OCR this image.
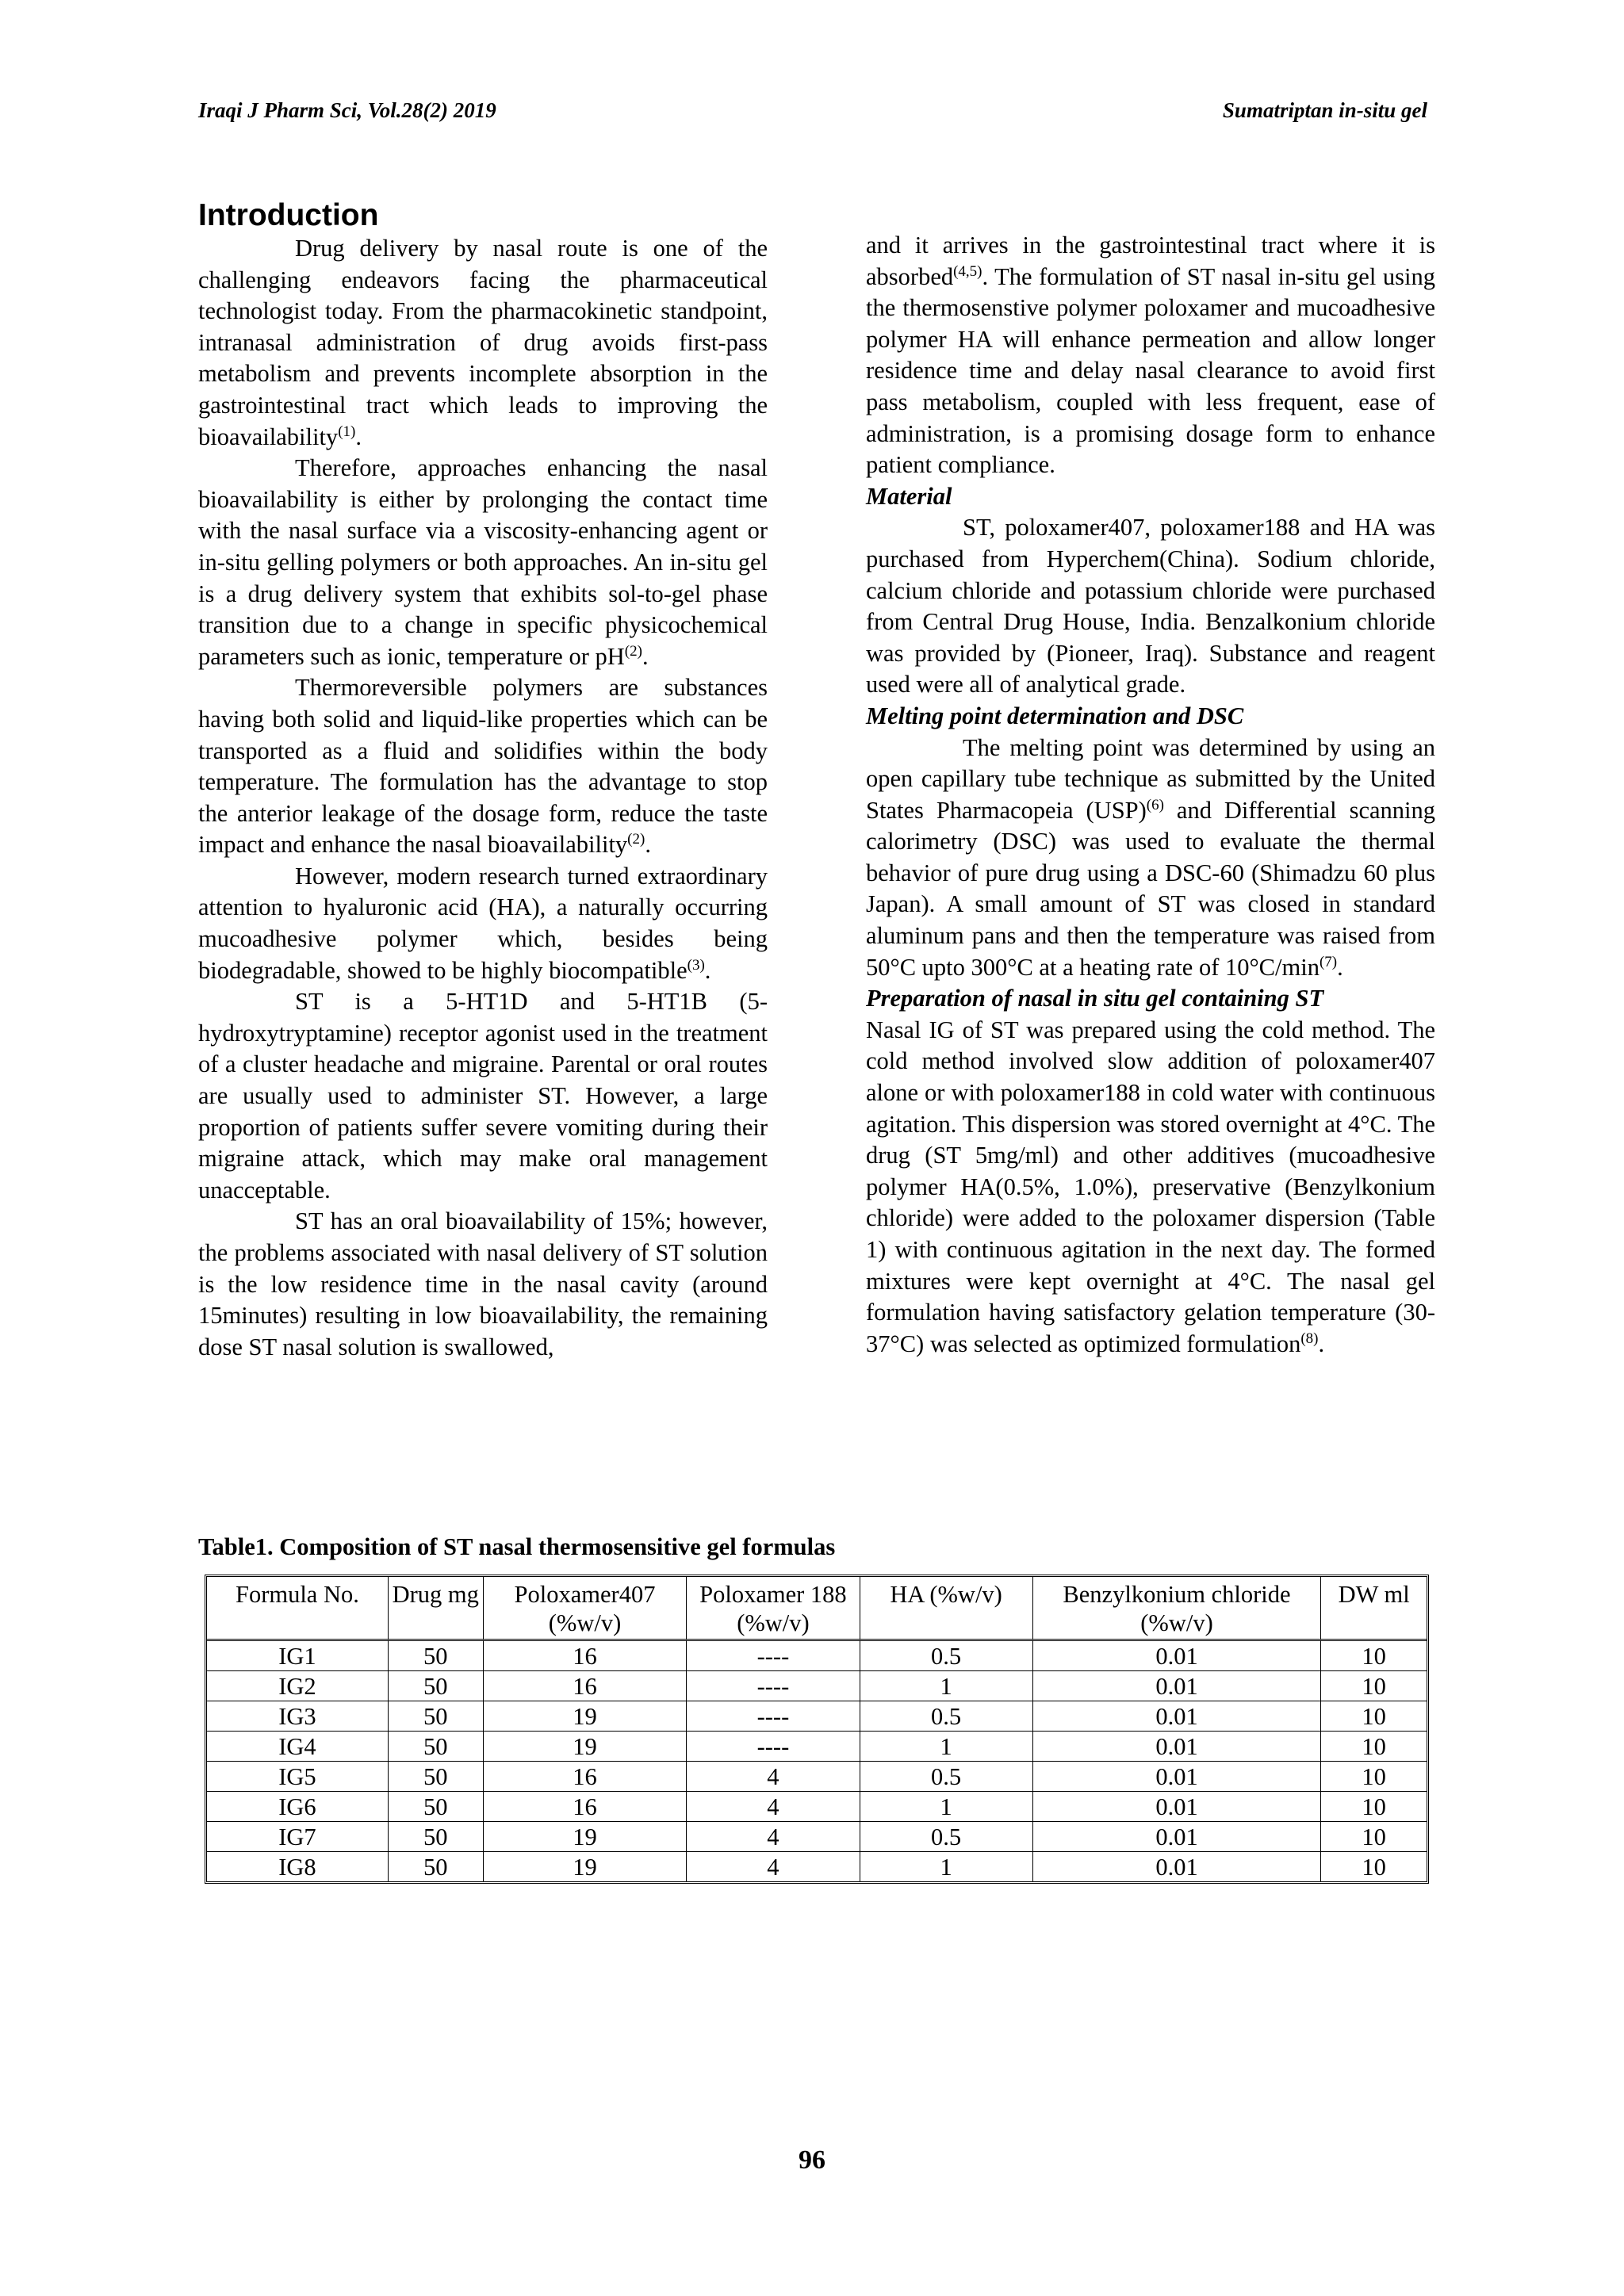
Iraqi J Pharm Sci, Vol.28(2) 2019	Sumatriptan in-situ gel
Introduction

Drug delivery by nasal route is one of the challenging endeavors facing the pharmaceutical technologist today. From the pharmacokinetic standpoint, intranasal administration of drug avoids first-pass metabolism and prevents incomplete absorption in the gastrointestinal tract which leads to improving the bioavailability$^{(1)}$.

Therefore, approaches enhancing the nasal bioavailability is either by prolonging the contact time with the nasal surface via a viscosity-enhancing agent or in-situ gelling polymers or both approaches. An in-situ gel is a drug delivery system that exhibits sol-to-gel phase transition due to a change in specific physicochemical parameters such as ionic, temperature or $pH^{(2)}$.

Thermoreversible polymers are substances having both solid and liquid-like properties which can be transported as a fluid and solidifies within the body temperature. The formulation has the advantage to stop the anterior leakage of the dosage form, reduce the taste impact and enhance the nasal bioavailability$^{(2)}$.

However, modern research turned extraordinary attention to hyaluronic acid (HA), a naturally occurring mucoadhesive polymer which, besides being biodegradable, showed to be highly biocompatible$^{(3)}$.

ST is a 5-HT1D and 5-HT1B (5-hydroxytryptamine) receptor agonist used in the treatment of a cluster headache and migraine. Parental or oral routes are usually used to administer ST. However, a large proportion of patients suffer severe vomiting during their migraine attack, which may make oral management unacceptable.

ST has an oral bioavailability of 15%; however, the problems associated with nasal delivery of ST solution is the low residence time in the nasal cavity (around 15minutes) resulting in low bioavailability, the remaining dose ST nasal solution is swallowed,

and it arrives in the gastrointestinal tract where it is absorbed$^{(4,5)}$. The formulation of ST nasal in-situ gel using the thermosenstive polymer poloxamer and mucoadhesive polymer HA will enhance permeation and allow longer residence time and delay nasal clearance to avoid first pass metabolism, coupled with less frequent, ease of administration, is a promising dosage form to enhance patient compliance.

Material

ST, poloxamer407, poloxamer188 and HA was purchased from Hyperchem(China). Sodium chloride, calcium chloride and potassium chloride were purchased from Central Drug House, India. Benzalkonium chloride was provided by (Pioneer, Iraq). Substance and reagent used were all of analytical grade.

Melting point determination and DSC

The melting point was determined by using an open capillary tube technique as submitted by the United States Pharmacopeia (USP)$^{(6)}$ and Differential scanning calorimetry (DSC) was used to evaluate the thermal behavior of pure drug using a DSC-60 (Shimadzu 60 plus Japan). A small amount of ST was closed in standard aluminum pans and then the temperature was raised from 50°C upto 300°C at a heating rate of $10^\circ C/\min^{(7)}$.

Preparation of nasal in situ gel containing ST

Nasal IG of ST was prepared using the cold method. The cold method involved slow addition of poloxamer407 alone or with poloxamer188 in cold water with continuous agitation. This dispersion was stored overnight at 4°C. The drug (ST 5mg/ml) and other additives (mucoadhesive polymer HA(0.5%, 1.0%), preservative (Benzylkonium chloride) were added to the poloxamer dispersion (Table 1) with continuous agitation in the next day. The formed mixtures were kept overnight at 4°C. The nasal gel formulation having satisfactory gelation temperature (30-37°C) was selected as optimized formulation$^{(8)}$.

Table1. Composition of ST nasal thermosensitive gel formulas
Formula No.	Drug mg	Poloxamer407 (%w/v)	Poloxamer 188 (%w/v)	HA (%w/v)	Benzylkonium chloride (%w/v)	DW ml
IG1	50	16	----	0.5	0.01	10
IG2	50	16	----	1	0.01	10
IG3	50	19	----	0.5	0.01	10
IG4	50	19	----	1	0.01	10
IG5	50	16	4	0.5	0.01	10
IG6	50	16	4	1	0.01	10
IG7	50	19	4	0.5	0.01	10
IG8	50	19	4	1	0.01	10
96
